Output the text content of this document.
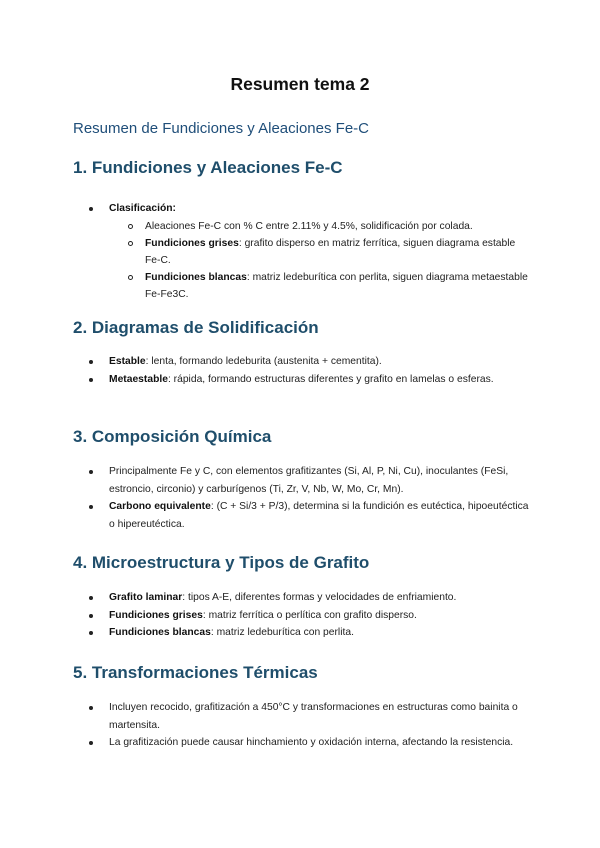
Resumen tema 2

Resumen de Fundiciones y Aleaciones Fe-C

1. Fundiciones y Aleaciones Fe-C
Clasificación:
Aleaciones Fe-C con % C entre 2.11% y 4.5%, solidificación por colada.
Fundiciones grises: grafito disperso en matriz ferrítica, siguen diagrama estable Fe-C.
Fundiciones blancas: matriz ledeburítica con perlita, siguen diagrama metaestable Fe-Fe3C.
2. Diagramas de Solidificación
Estable: lenta, formando ledeburita (austenita + cementita).
Metaestable: rápida, formando estructuras diferentes y grafito en lamelas o esferas.
3. Composición Química
Principalmente Fe y C, con elementos grafitizantes (Si, Al, P, Ni, Cu), inoculantes (FeSi, estroncio, circonio) y carburígenos (Ti, Zr, V, Nb, W, Mo, Cr, Mn).
Carbono equivalente: (C + Si/3 + P/3), determina si la fundición es eutéctica, hipoeutéctica o hipereutéctica.
4. Microestructura y Tipos de Grafito
Grafito laminar: tipos A-E, diferentes formas y velocidades de enfriamiento.
Fundiciones grises: matriz ferrítica o perlítica con grafito disperso.
Fundiciones blancas: matriz ledeburítica con perlita.
5. Transformaciones Térmicas
Incluyen recocido, grafitización a 450°C y transformaciones en estructuras como bainita o martensita.
La grafitización puede causar hinchamiento y oxidación interna, afectando la resistencia.
